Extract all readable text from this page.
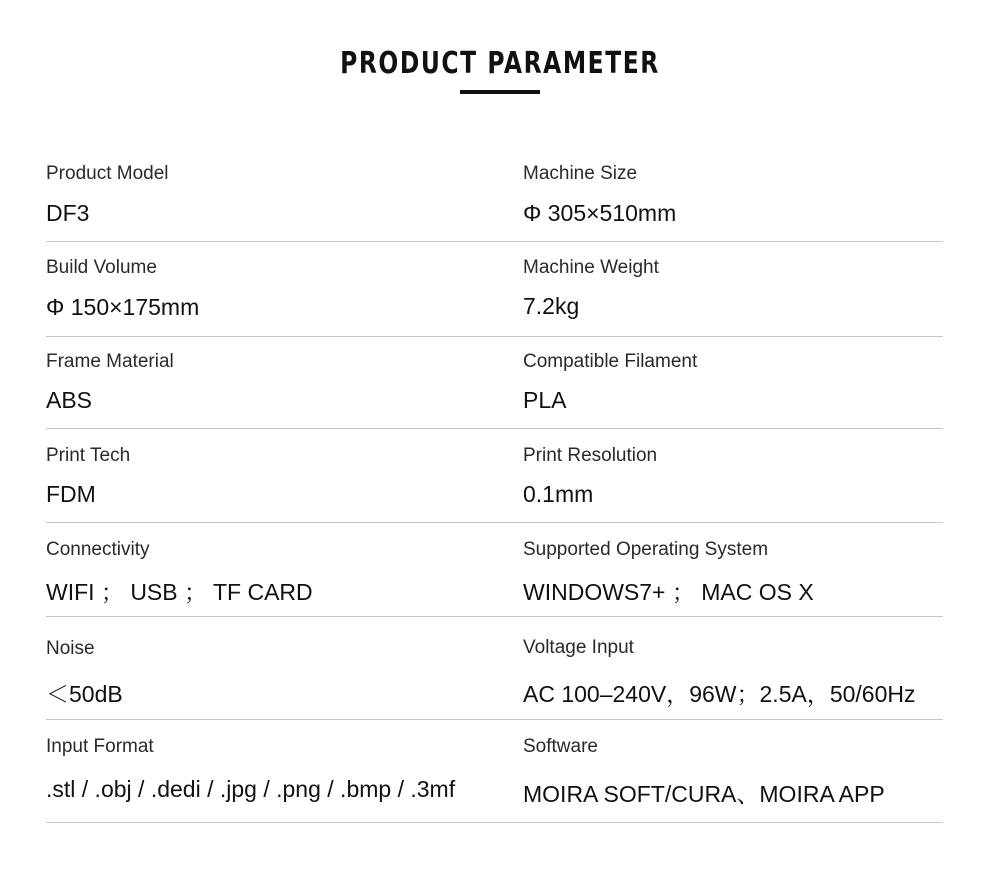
PRODUCT PARAMETER
Product Model
DF3
Machine Size
Φ 305×510mm
Build Volume
Φ 150×175mm
Machine Weight
7.2kg
Frame Material
ABS
Compatible Filament
PLA
Print Tech
FDM
Print Resolution
0.1mm
Connectivity
WIFI ； USB ； TF CARD
Supported Operating System
WINDOWS7+ ； MAC OS X
Noise
＜50dB
Voltage Input
AC 100–240V，96W；2.5A，50/60Hz
Input Format
.stl / .obj / .dedi / .jpg / .png / .bmp / .3mf
Software
MOIRA SOFT/CURA、MOIRA APP
